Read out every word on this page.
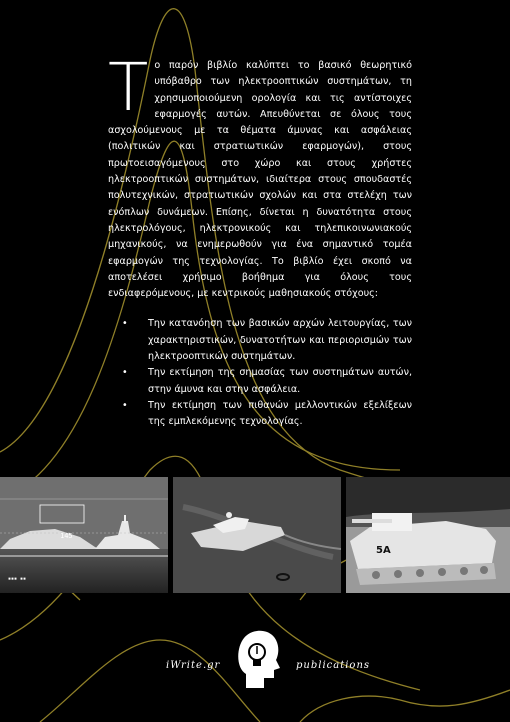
Το παρόν βιβλίο καλύπτει το βασικό θεωρητικό υπόβαθρο των ηλεκτροοπτικών συστημάτων, τη χρησιμοποιούμενη ορολογία και τις αντίστοιχες εφαρμογές αυτών. Απευθύνεται σε όλους τους ασχολούμενους με τα θέματα άμυνας και ασφάλειας (πολιτικών και στρατιωτικών εφαρμογών), στους πρωτοεισαγόμενους στο χώρο και στους χρήστες ηλεκτροοπτικών συστημάτων, ιδιαίτερα στους σπουδαστές πολυτεχνικών, στρατιωτικών σχολών και στα στελέχη των ενόπλων δυνάμεων. Επίσης, δίνεται η δυνατότητα στους ηλεκτρολόγους, ηλεκτρονικούς και τηλεπικοινωνιακούς μηχανικούς, να ενημερωθούν για ένα σημαντικό τομέα εφαρμογών της τεχνολογίας. Το βιβλίο έχει σκοπό να αποτελέσει χρήσιμο βοήθημα για όλους τους ενδιαφερόμενους, με κεντρικούς μαθησιακούς στόχους:

• Την κατανόηση των βασικών αρχών λειτουργίας, των χαρακτηριστικών, δυνατοτήτων και περιορισμών των ηλεκτροοπτικών συστημάτων.
• Την εκτίμηση της σημασίας των συστημάτων αυτών, στην άμυνα και στην ασφάλεια.
• Την εκτίμηση των πιθανών μελλοντικών εξελίξεων της εμπλεκόμενης τεχνολογίας.
▪▪▪ ▪▪
145
5A
iWrite.gr	publications
